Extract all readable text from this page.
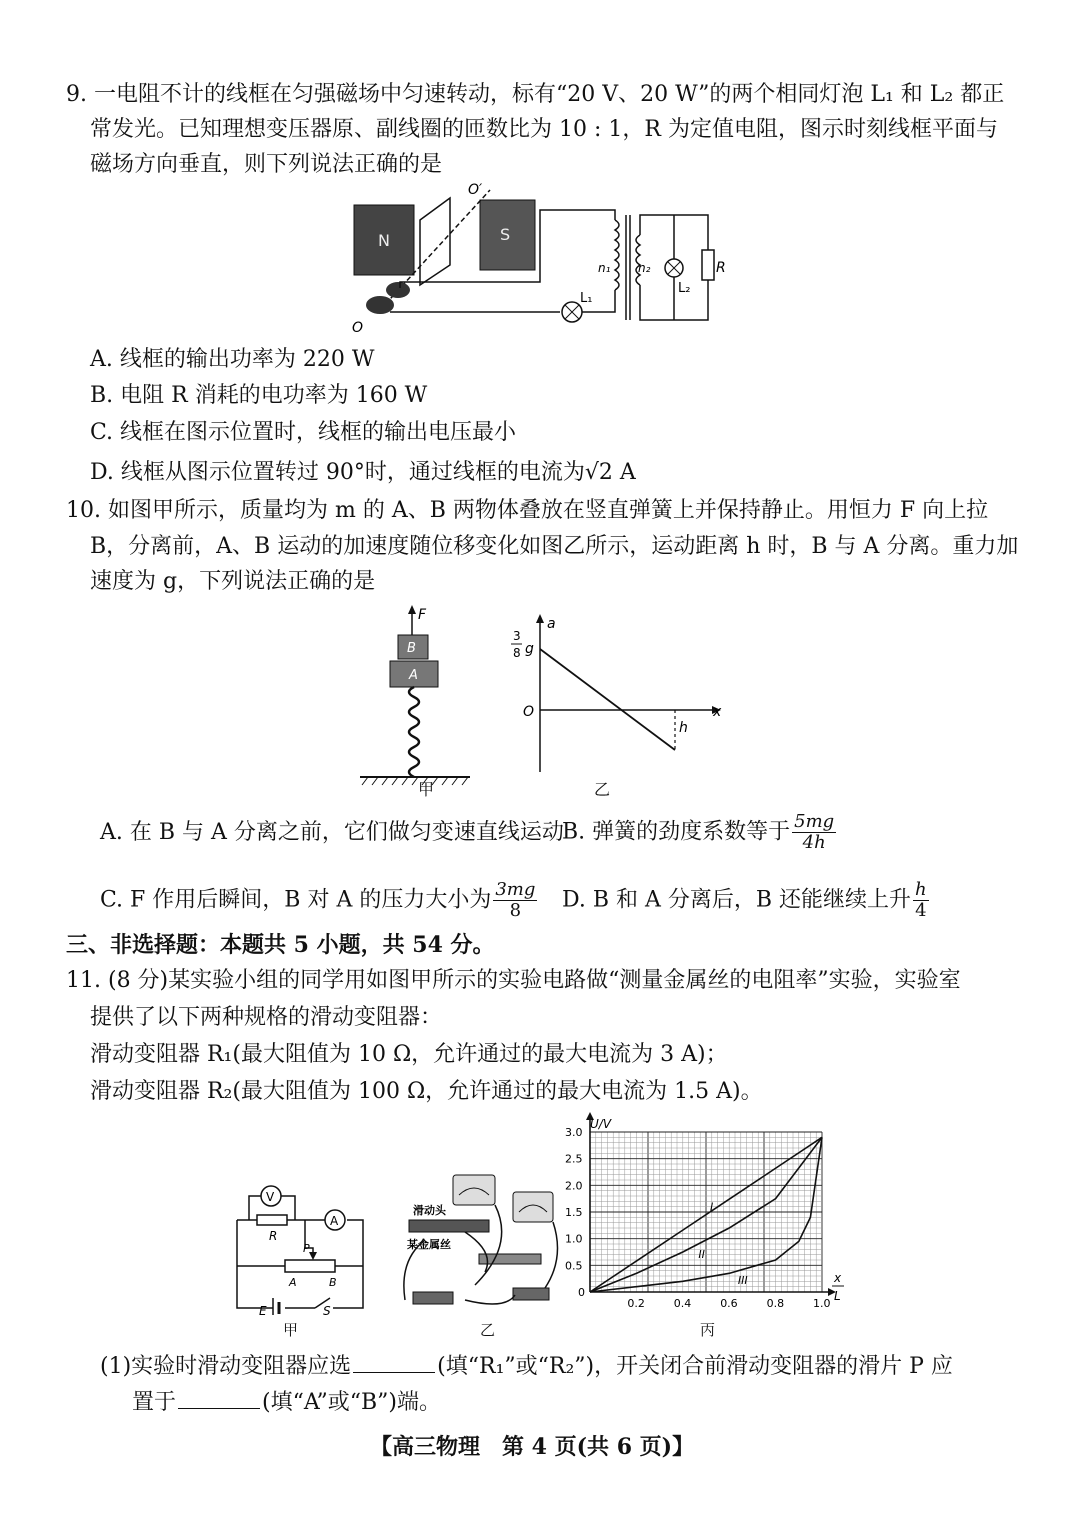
9. 一电阻不计的线框在匀强磁场中匀速转动，标有“20 V、20 W”的两个相同灯泡 L₁ 和 L₂ 都正
常发光。已知理想变压器原、副线圈的匝数比为 10 : 1，R 为定值电阻，图示时刻线框平面与
磁场方向垂直，则下列说法正确的是
N	S
O′
O
L₁
n₁ n₂
L₂
R
A. 线框的输出功率为 220 W
B. 电阻 R 消耗的电功率为 160 W
C. 线框在图示位置时，线框的输出电压最小
D. 线框从图示位置转过 90°时，通过线框的电流为√2 A
10. 如图甲所示，质量均为 m 的 A、B 两物体叠放在竖直弹簧上并保持静止。用恒力 F 向上拉
B，分离前，A、B 运动的加速度随位移变化如图乙所示，运动距离 h 时，B 与 A 分离。重力加
速度为 g，下列说法正确的是
F
B
A
甲
a
x
O
3
8 g
h
乙
A. 在 B 与 A 分离之前，它们做匀变速直线运动
B. 弹簧的劲度系数等于 $\frac{5mg}{4h}$
C. F 作用后瞬间，B 对 A 的压力大小为 $\frac{3mg}{8} D$. B 和 A 分离后，B 还能继续上升 $\frac{h}{4}$
三、非选择题：本题共 5 小题，共 54 分。
11. (8 分)某实验小组的同学用如图甲所示的实验电路做“测量金属丝的电阻率”实验，实验室
提供了以下两种规格的滑动变阻器：
滑动变阻器 R₁(最大阻值为 10 Ω，允许通过的最大电流为 3 A)；
滑动变阻器 R₂(最大阻值为 100 Ω，允许通过的最大电流为 1.5 A)。
E	S
R
A
V
P
A	B
甲
滑动头
某金属丝
乙
0
0.2	0.4	0.6	0.8	1.0
0.5
1.0
1.5
2.0
2.5
3.0
I
II
III
U/V
x
L
丙
(1)实验时滑动变阻器应选	(填“R₁”或“R₂”)，开关闭合前滑动变阻器的滑片 P 应
置于	(填“A”或“B”)端。
【高三物理　第 4 页(共 6 页)】
